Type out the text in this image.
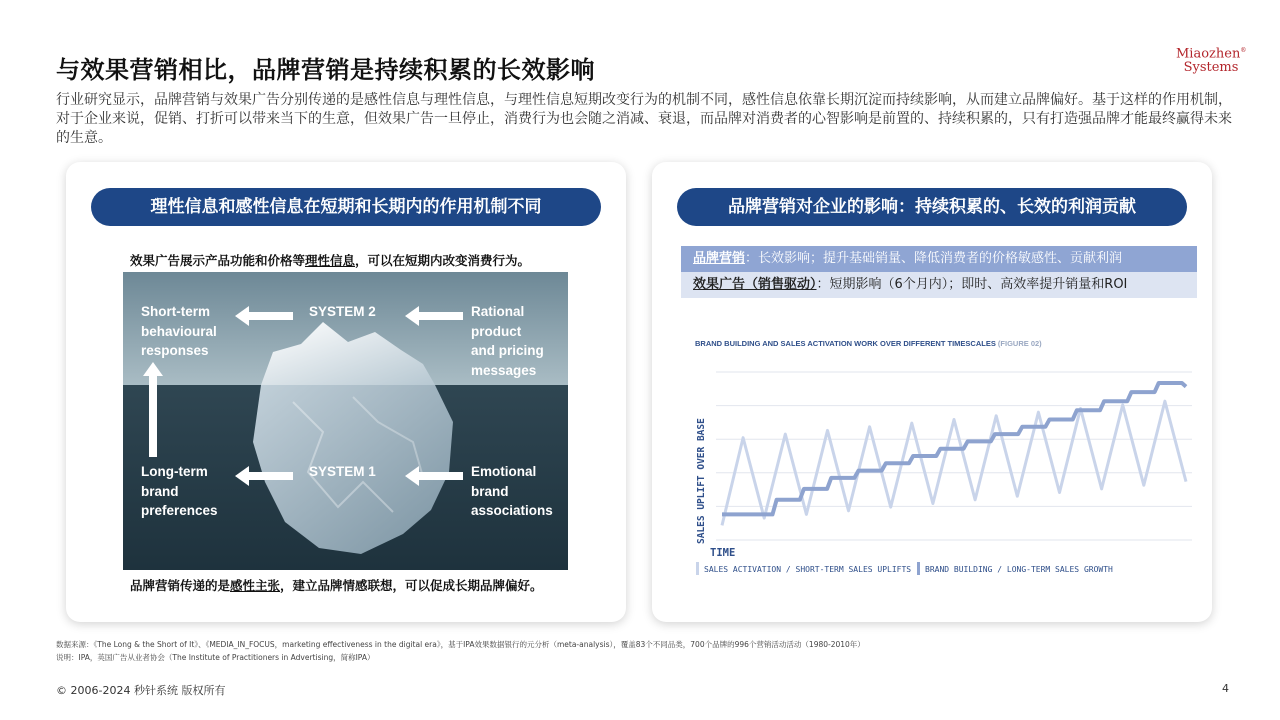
与效果营销相比，品牌营销是持续积累的长效影响
Miaozhen®
Systems
行业研究显示，品牌营销与效果广告分别传递的是感性信息与理性信息，与理性信息短期改变行为的机制不同，感性信息依靠长期沉淀而持续影响，从而建立品牌偏好。基于这样的作用机制，对于企业来说，促销、打折可以带来当下的生意，但效果广告一旦停止，消费行为也会随之消减、衰退，而品牌对消费者的心智影响是前置的、持续积累的，只有打造强品牌才能最终赢得未来的生意。
理性信息和感性信息在短期和长期内的作用机制不同
效果广告展示产品功能和价格等理性信息，可以在短期内改变消费行为。
Short-term
behavioural
responses
SYSTEM 2	Rational
product
and pricing
messages
Long-term
brand
preferences
SYSTEM 1	Emotional
brand
associations
品牌营销传递的是感性主张，建立品牌情感联想，可以促成长期品牌偏好。
品牌营销对企业的影响：持续积累的、长效的利润贡献
品牌营销：长效影响；提升基础销量、降低消费者的价格敏感性、贡献利润
效果广告（销售驱动）：短期影响（6个月内）；即时、高效率提升销量和ROI
BRAND BUILDING AND SALES ACTIVATION WORK OVER DIFFERENT TIMESCALES (FIGURE 02)
SALES UPLIFT OVER BASE
TIME
SALES ACTIVATION / SHORT-TERM SALES UPLIFTS BRAND BUILDING / LONG-TERM SALES GROWTH
数据来源：《The Long & the Short of It》、《MEDIA_IN_FOCUS，marketing effectiveness in the digital era》，基于IPA效果数据银行的元分析（meta-analysis），覆盖83个不同品类，700个品牌的996个营销活动活动（1980-2010年）
说明：IPA，英国广告从业者协会（The Institute of Practitioners in Advertising，简称IPA）
© 2006-2024 秒针系统 版权所有	4
